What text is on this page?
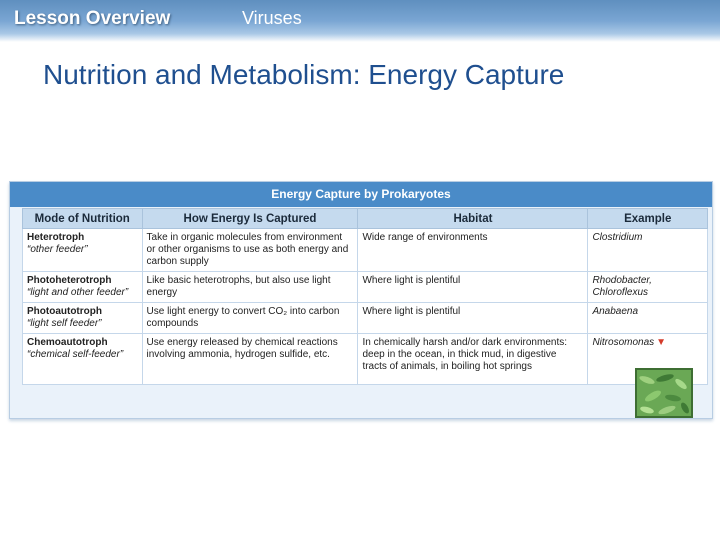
Lesson Overview	Viruses
Nutrition and Metabolism: Energy Capture
Energy Capture by Prokaryotes
Mode of Nutrition	How Energy Is Captured	Habitat	Example

Heterotroph
“other feeder”	Take in organic molecules from environment or other organisms to use as both energy and carbon supply	Wide range of environments	Clostridium

Photoheterotroph
“light and other feeder”	Like basic heterotrophs, but also use light energy	Where light is plentiful	Rhodobacter, Chloroflexus

Photoautotroph
“light self feeder”	Use light energy to convert CO₂ into carbon compounds	Where light is plentiful	Anabaena

Chemoautotroph
“chemical self-feeder”	Use energy released by chemical reactions involving ammonia, hydrogen sulfide, etc.	In chemically harsh and/or dark environments: deep in the ocean, in thick mud, in digestive tracts of animals, in boiling hot springs	Nitrosomonas ▼
